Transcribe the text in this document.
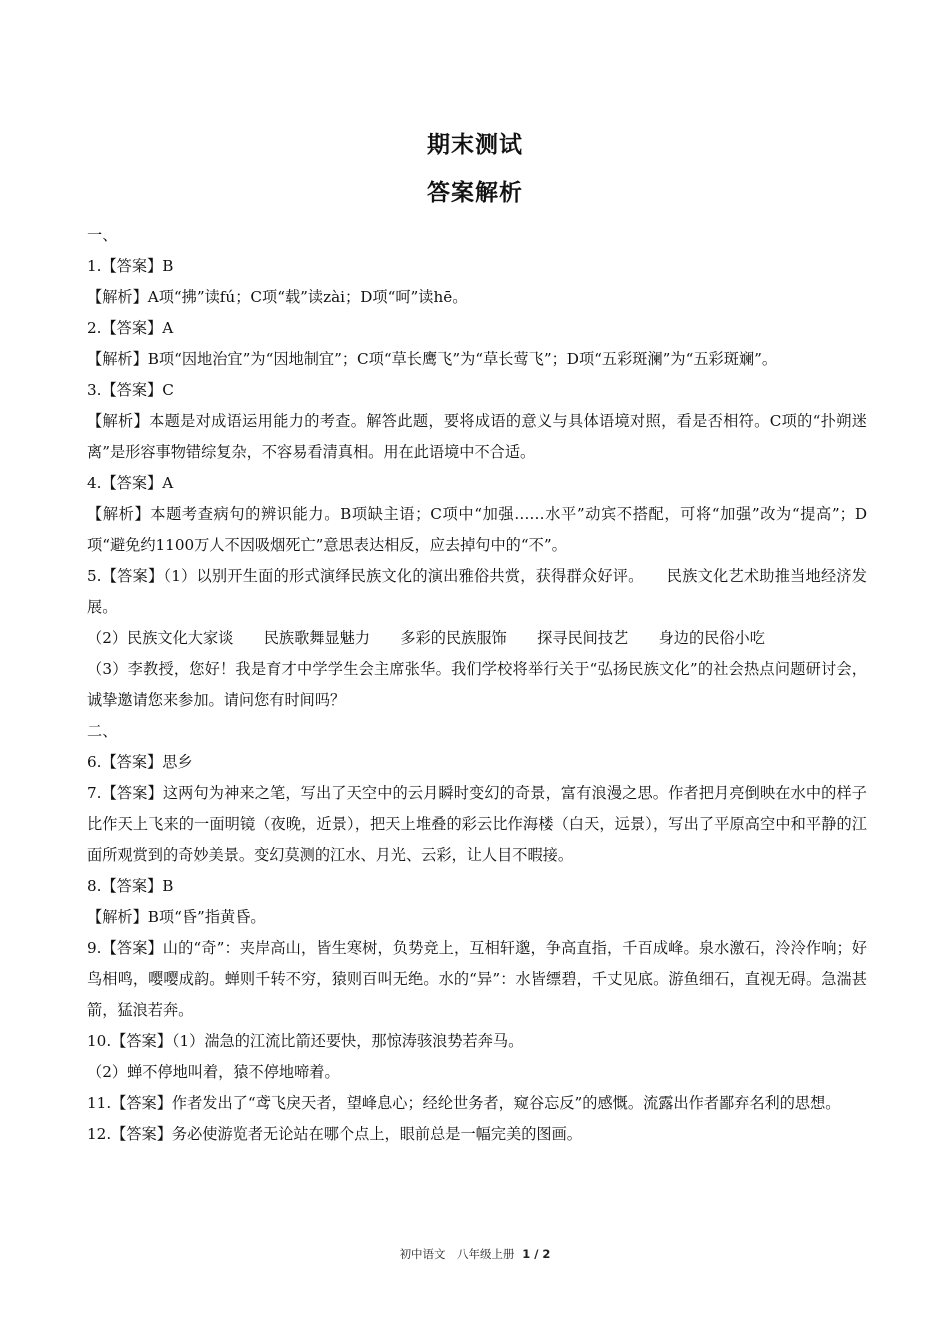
期末测试
答案解析

一、

1.【答案】B

【解析】A项“拂”读fú；C项“载”读zài；D项“呵”读hē。

2.【答案】A

【解析】B项“因地治宜”为“因地制宜”；C项“草长鹰飞”为“草长莺飞”；D项“五彩斑澜”为“五彩斑斓”。

3.【答案】C

【解析】本题是对成语运用能力的考查。解答此题，要将成语的意义与具体语境对照，看是否相符。C项的“扑朔迷离”是形容事物错综复杂，不容易看清真相。用在此语境中不合适。

4.【答案】A

【解析】本题考查病句的辨识能力。B项缺主语；C项中“加强……水平”动宾不搭配，可将“加强”改为“提高”；D项“避免约1100万人不因吸烟死亡”意思表达相反，应去掉句中的“不”。

5.【答案】（1）以别开生面的形式演绎民族文化的演出雅俗共赏，获得群众好评。　　民族文化艺术助推当地经济发展。

（2）民族文化大家谈　　民族歌舞显魅力　　多彩的民族服饰　　探寻民间技艺　　身边的民俗小吃

（3）李教授，您好！我是育才中学学生会主席张华。我们学校将举行关于“弘扬民族文化”的社会热点问题研讨会，诚挚邀请您来参加。请问您有时间吗？

二、

6.【答案】思乡

7.【答案】这两句为神来之笔，写出了天空中的云月瞬时变幻的奇景，富有浪漫之思。作者把月亮倒映在水中的样子比作天上飞来的一面明镜（夜晚，近景），把天上堆叠的彩云比作海楼（白天，远景），写出了平原高空中和平静的江面所观赏到的奇妙美景。变幻莫测的江水、月光、云彩，让人目不暇接。

8.【答案】B

【解析】B项“昏”指黄昏。

9.【答案】山的“奇”：夹岸高山，皆生寒树，负势竞上，互相轩邈，争高直指，千百成峰。泉水激石，泠泠作响；好鸟相鸣，嘤嘤成韵。蝉则千转不穷，猿则百叫无绝。水的“异”：水皆缥碧，千丈见底。游鱼细石，直视无碍。急湍甚箭，猛浪若奔。

10.【答案】（1）湍急的江流比箭还要快，那惊涛骇浪势若奔马。

（2）蝉不停地叫着，猿不停地啼着。

11.【答案】作者发出了“鸢飞戾天者，望峰息心；经纶世务者，窥谷忘反”的感慨。流露出作者鄙弃名利的思想。

12.【答案】务必使游览者无论站在哪个点上，眼前总是一幅完美的图画。

初中语文　八年级上册 1 / 2
